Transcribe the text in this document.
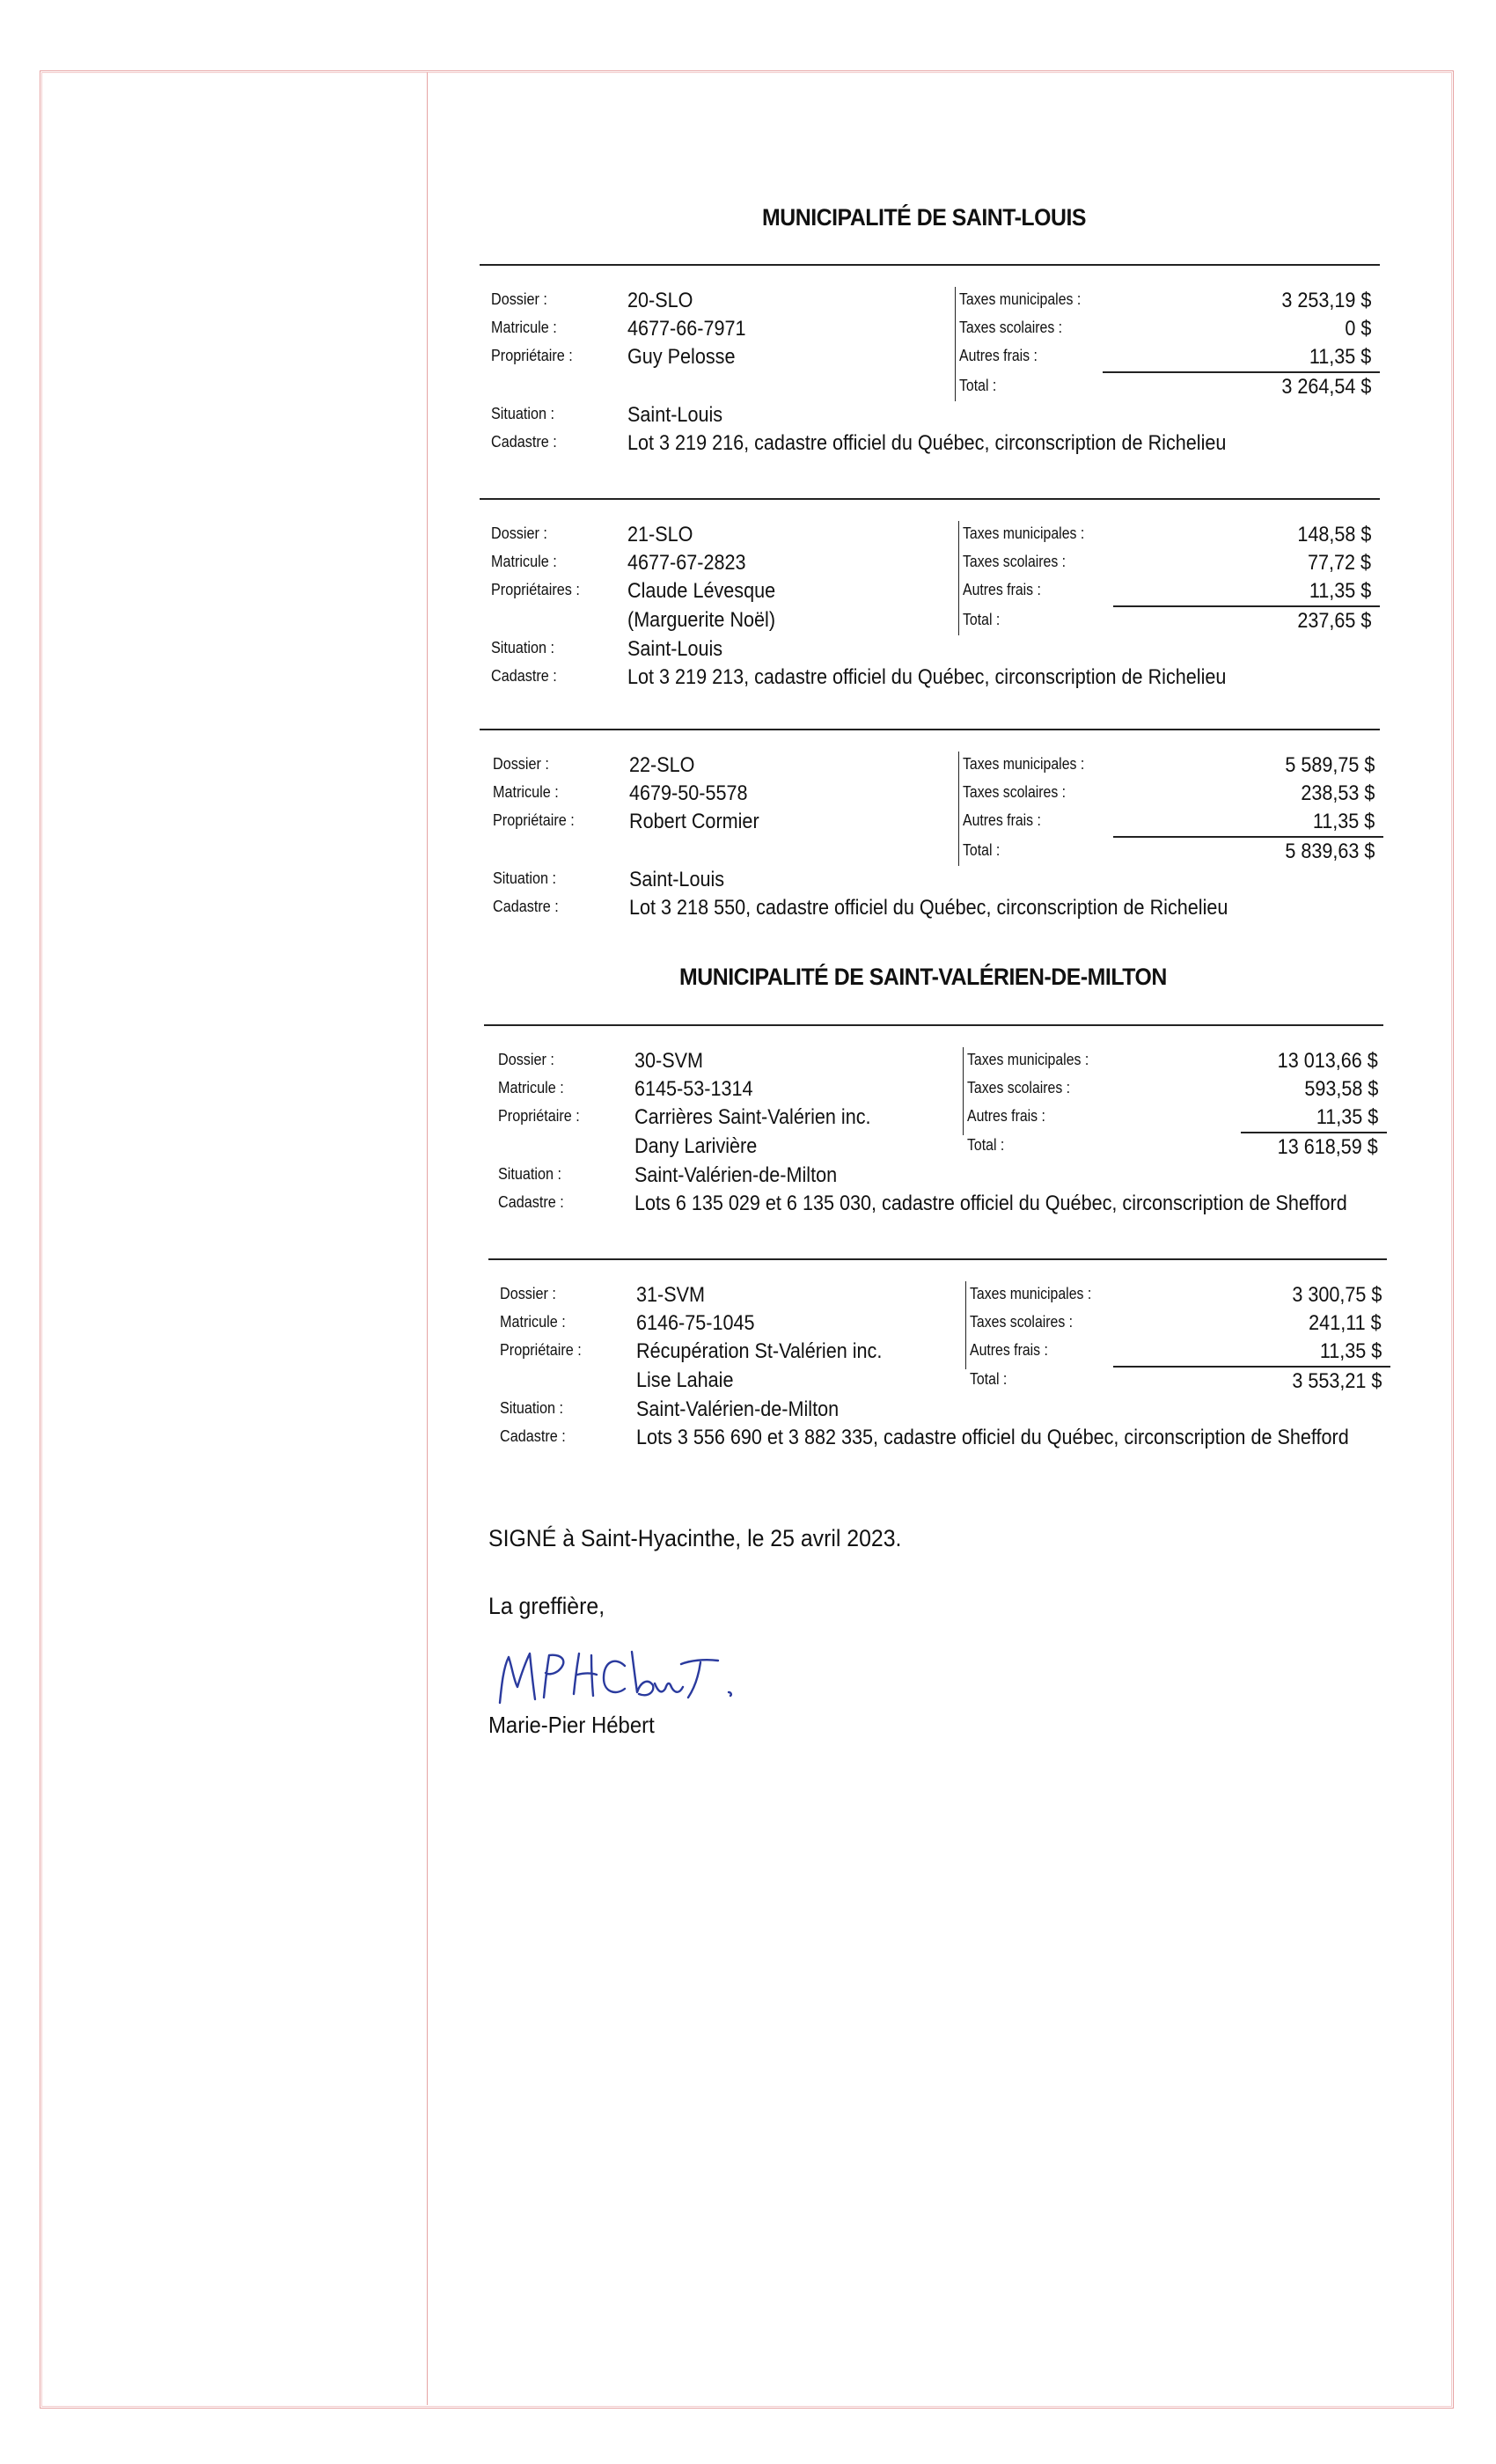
MUNICIPALITÉ DE SAINT-LOUIS
Dossier :	20-SLO
Matricule :	4677-66-7971
Propriétaire :	Guy Pelosse
Situation :	Saint-Louis
Cadastre :	Lot 3 219 216, cadastre officiel du Québec, circonscription de Richelieu
Taxes municipales :	3 253,19 $
Taxes scolaires :	0 $
Autres frais :	11,35 $
Total :	3 264,54 $
Dossier :	21-SLO
Matricule :	4677-67-2823
Propriétaires : Claude Lévesque
(Marguerite Noël)
Situation :	Saint-Louis
Cadastre :	Lot 3 219 213, cadastre officiel du Québec, circonscription de Richelieu
Taxes municipales :	148,58 $
Taxes scolaires :	77,72 $
Autres frais :	11,35 $
Total :	237,65 $
Dossier :	22-SLO
Matricule :	4679-50-5578
Propriétaire :	Robert Cormier
Situation :	Saint-Louis
Cadastre :	Lot 3 218 550, cadastre officiel du Québec, circonscription de Richelieu
Taxes municipales :	5 589,75 $
Taxes scolaires :	238,53 $
Autres frais :	11,35 $
Total :	5 839,63 $
MUNICIPALITÉ DE SAINT-VALÉRIEN-DE-MILTON
Dossier :	30-SVM
Matricule :	6145-53-1314
Propriétaire :	Carrières Saint-Valérien inc.
Dany Larivière
Situation :	Saint-Valérien-de-Milton
Cadastre :	Lots 6 135 029 et 6 135 030, cadastre officiel du Québec, circonscription de Shefford
Taxes municipales :	13 013,66 $
Taxes scolaires :	593,58 $
Autres frais :	11,35 $
Total :	13 618,59 $
Dossier :	31-SVM
Matricule :	6146-75-1045
Propriétaire :	Récupération St-Valérien inc.
Lise Lahaie
Situation :	Saint-Valérien-de-Milton
Cadastre :	Lots 3 556 690 et 3 882 335, cadastre officiel du Québec, circonscription de Shefford
Taxes municipales :	3 300,75 $
Taxes scolaires :	241,11 $
Autres frais :	11,35 $
Total :	3 553,21 $
SIGNÉ à Saint-Hyacinthe, le 25 avril 2023.
La greffière,
Marie-Pier Hébert
